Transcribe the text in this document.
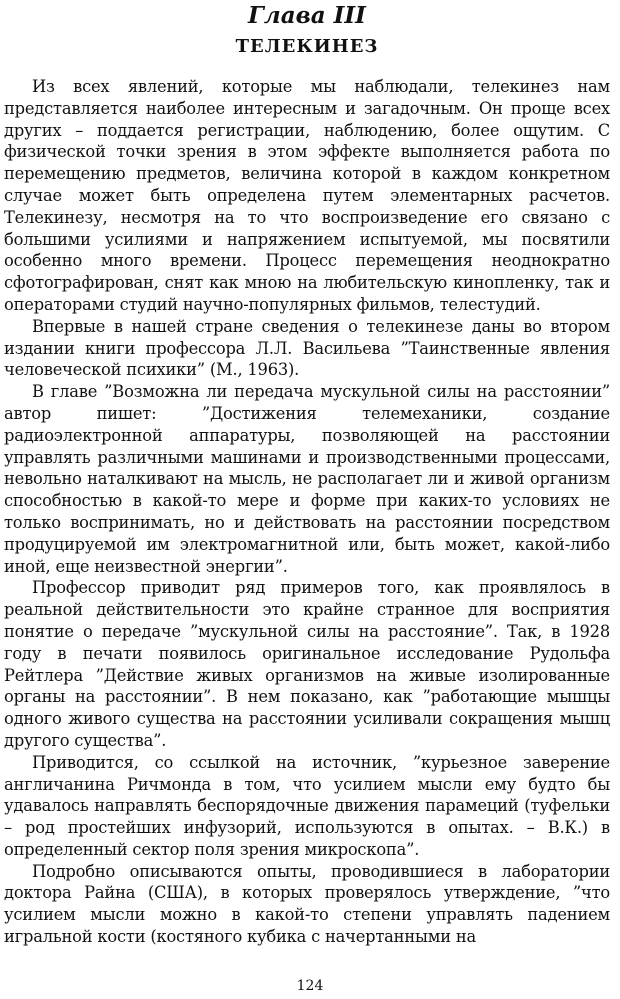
Глава III
ТЕЛЕКИНЕЗ

Из всех явлений, которые мы наблюдали, телекинез нам представляется наиболее интересным и загадочным. Он проще всех других – поддается регистрации, наблюдению, более ощутим. С физической точки зрения в этом эффекте выполняется работа по перемещению предметов, величина которой в каждом конкретном случае может быть определена путем элементарных расчетов. Телекинезу, несмотря на то что воспроизведение его связано с большими усилиями и напряжением испытуемой, мы посвятили особенно много времени. Процесс перемещения неоднократно сфотографирован, снят как мною на любительскую кинопленку, так и операторами студий научно-популярных фильмов, телестудий.

Впервые в нашей стране сведения о телекинезе даны во втором издании книги профессора Л.Л. Васильева ”Таинственные явления человеческой психики” (М., 1963).

В главе ”Возможна ли передача мускульной силы на расстоянии” автор пишет: ”Достижения телемеханики, создание радиоэлектронной аппаратуры, позволяющей на расстоянии управлять различными машинами и производственными процессами, невольно наталкивают на мысль, не располагает ли и живой организм способностью в какой-то мере и форме при каких-то условиях не только воспринимать, но и действовать на расстоянии посредством продуцируемой им электромагнитной или, быть может, какой-либо иной, еще неизвестной энергии”.

Профессор приводит ряд примеров того, как проявлялось в реальной действительности это крайне странное для восприятия понятие о передаче ”мускульной силы на расстояние”. Так, в 1928 году в печати появилось оригинальное исследование Рудольфа Рейтлера ”Действие живых организмов на живые изолированные органы на расстоянии”. В нем показано, как ”работающие мышцы одного живого существа на расстоянии усиливали сокращения мышц другого существа”.

Приводится, со ссылкой на источник, ”курьезное заверение англичанина Ричмонда в том, что усилием мысли ему будто бы удавалось направлять беспорядочные движения парамеций (туфельки – род простейших инфузорий, используются в опытах. – В.К.) в определенный сектор поля зрения микроскопа”.

Подробно описываются опыты, проводившиеся в лаборатории доктора Райна (США), в которых проверялось утверждение, ”что усилием мысли можно в какой-то степени управлять падением игральной кости (костяного кубика с начертанными на

124
